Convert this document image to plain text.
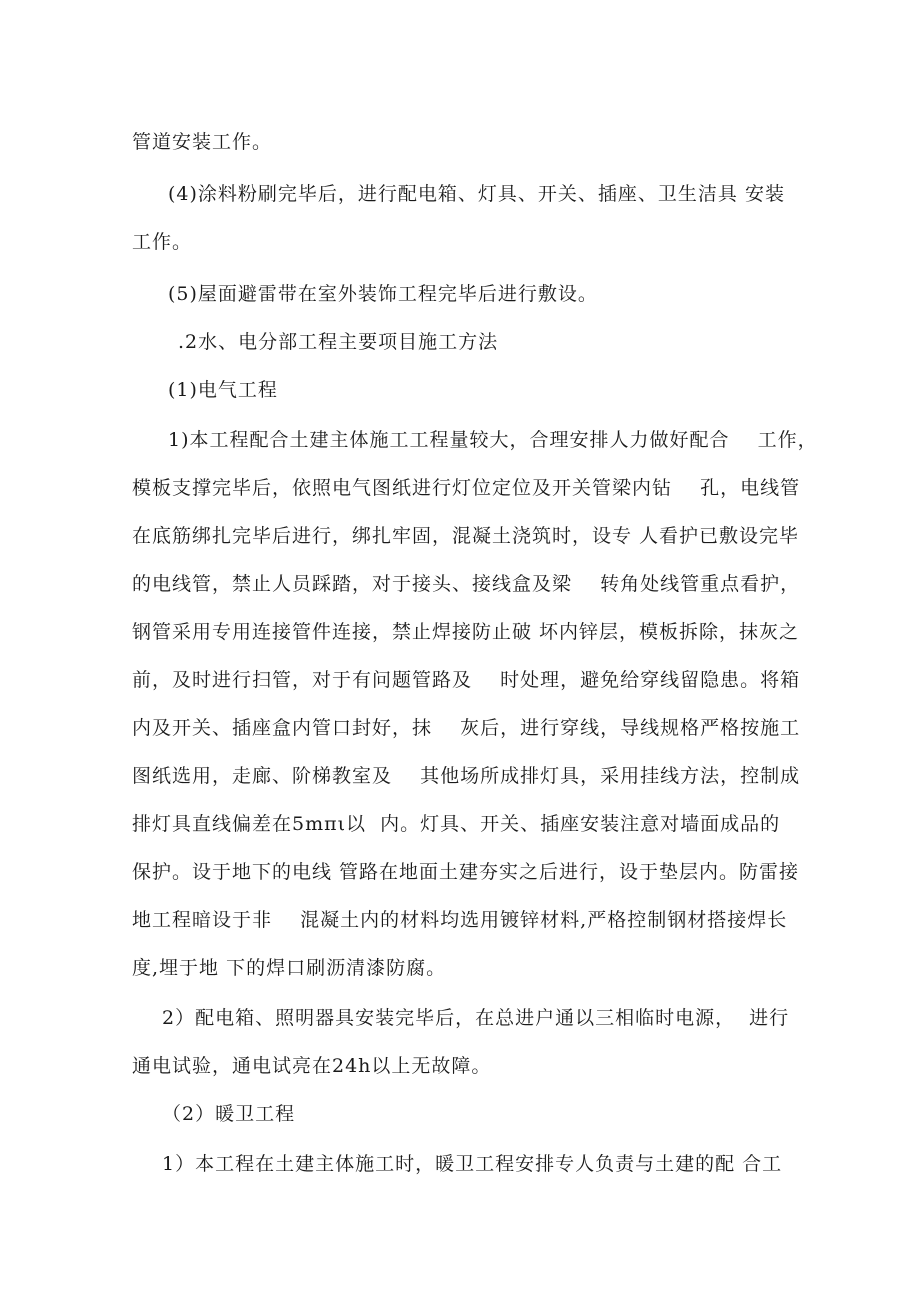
管道安装工作。
(4)涂料粉刷完毕后，进行配电箱、灯具、开关、插座、卫生洁具 安装
工作。
(5)屋面避雷带在室外装饰工程完毕后进行敷设。
.2水、电分部工程主要项目施工方法
(1)电气工程
1)本工程配合土建主体施工工程量较大，合理安排人力做好配合    工作，
模板支撑完毕后，依照电气图纸进行灯位定位及开关管梁内钻    孔，电线管
在底筋绑扎完毕后进行，绑扎牢固，混凝土浇筑时，设专 人看护已敷设完毕
的电线管，禁止人员踩踏，对于接头、接线盒及梁    转角处线管重点看护，
钢管采用专用连接管件连接，禁止焊接防止破 坏内锌层，模板拆除，抹灰之
前，及时进行扫管，对于有问题管路及    时处理，避免给穿线留隐患。将箱
内及开关、插座盒内管口封好，抹    灰后，进行穿线，导线规格严格按施工
图纸选用，走廊、阶梯教室及    其他场所成排灯具，采用挂线方法，控制成
排灯具直线偏差在5mπι以  内。灯具、开关、插座安装注意对墙面成品的
保护。设于地下的电线 管路在地面土建夯实之后进行，设于垫层内。防雷接
地工程暗设于非    混凝土内的材料均选用镀锌材料,严格控制钢材搭接焊长
度,埋于地 下的焊口刷沥清漆防腐。
2）配电箱、照明器具安装完毕后，在总进户通以三相临时电源，  进行
通电试验，通电试亮在24h以上无故障。
（2）暖卫工程
1）本工程在土建主体施工时，暖卫工程安排专人负责与土建的配 合工
